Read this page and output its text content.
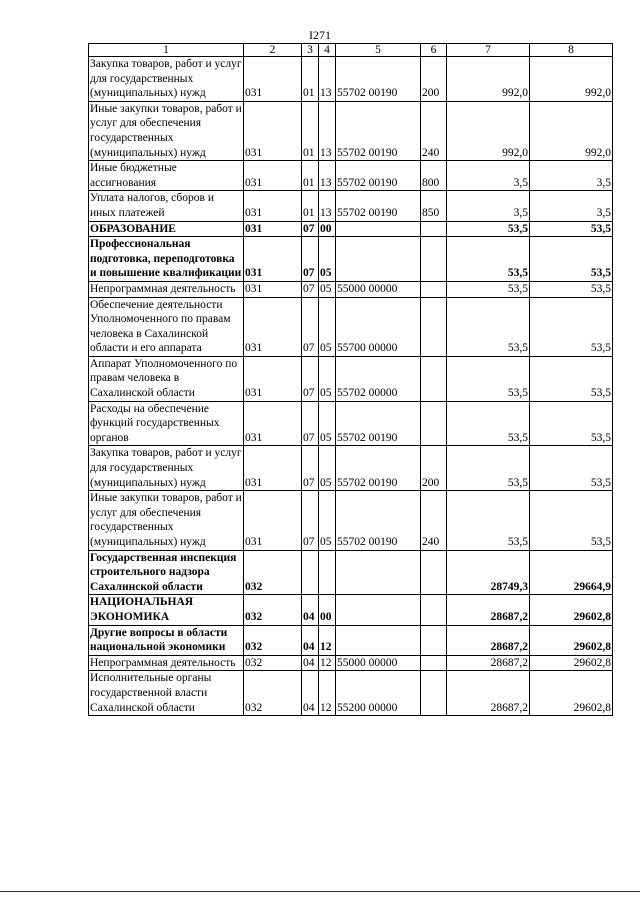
I271
1	2	3	4	5	6	7	8
Закупка товаров, работ и услуг для государственных (муниципальных) нужд	031	01	13	55702 00190	200	992,0	992,0
Иные закупки товаров, работ и услуг для обеспечения государственных (муниципальных) нужд	031	01	13	55702 00190	240	992,0	992,0
Иные бюджетные ассигнования	031	01	13	55702 00190	800	3,5	3,5
Уплата налогов, сборов и иных платежей	031	01	13	55702 00190	850	3,5	3,5
ОБРАЗОВАНИЕ	031	07	00			53,5	53,5
Профессиональная подготовка, переподготовка и повышение квалификации	031	07	05			53,5	53,5
Непрограммная деятельность	031	07	05	55000 00000		53,5	53,5
Обеспечение деятельности Уполномоченного по правам человека в Сахалинской области и его аппарата	031	07	05	55700 00000		53,5	53,5
Аппарат Уполномоченного по правам человека в Сахалинской области	031	07	05	55702 00000		53,5	53,5
Расходы на обеспечение функций государственных органов	031	07	05	55702 00190		53,5	53,5
Закупка товаров, работ и услуг для государственных (муниципальных) нужд	031	07	05	55702 00190	200	53,5	53,5
Иные закупки товаров, работ и услуг для обеспечения государственных (муниципальных) нужд	031	07	05	55702 00190	240	53,5	53,5
Государственная инспекция строительного надзора Сахалинской области	032					28749,3	29664,9
НАЦИОНАЛЬНАЯ ЭКОНОМИКА	032	04	00			28687,2	29602,8
Другие вопросы в области национальной экономики	032	04	12			28687,2	29602,8
Непрограммная деятельность	032	04	12	55000 00000		28687,2	29602,8
Исполнительные органы государственной власти Сахалинской области	032	04	12	55200 00000		28687,2	29602,8
